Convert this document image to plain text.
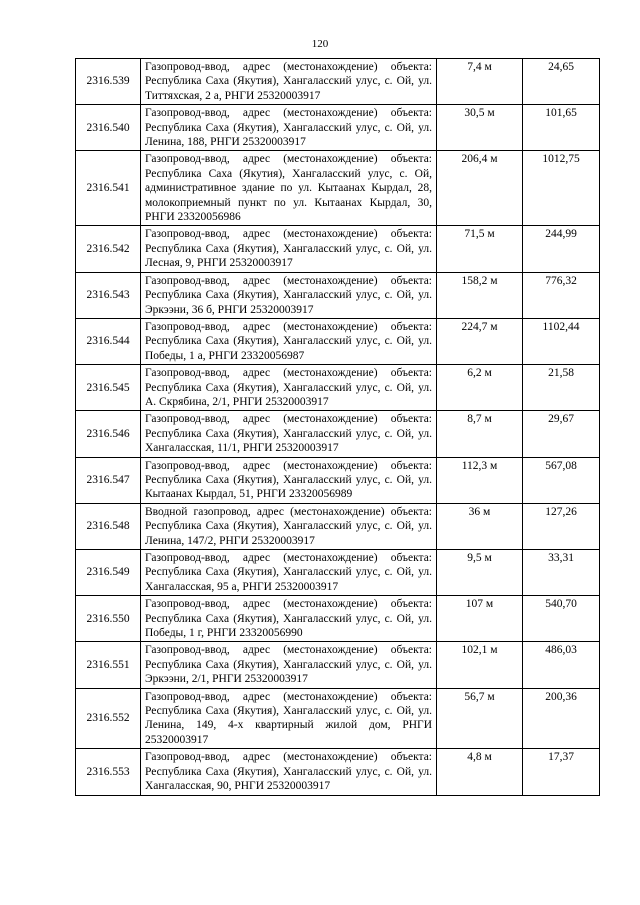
120
2316.539	Газопровод-ввод, адрес (местонахождение) объекта: Республика Саха (Якутия), Хангаласский улус, с. Ой, ул. Титтяхская, 2 а, РНГИ 25320003917	7,4 м	24,65
2316.540	Газопровод-ввод, адрес (местонахождение) объекта: Республика Саха (Якутия), Хангаласский улус, с. Ой, ул. Ленина, 188, РНГИ 25320003917	30,5 м	101,65
2316.541	Газопровод-ввод, адрес (местонахождение) объекта: Республика Саха (Якутия), Хангаласский улус, с. Ой, административное здание по ул. Кытаанах Кырдал, 28, молокоприемный пункт по ул. Кытаанах Кырдал, 30, РНГИ 23320056986	206,4 м	1012,75
2316.542	Газопровод-ввод, адрес (местонахождение) объекта: Республика Саха (Якутия), Хангаласский улус, с. Ой, ул. Лесная, 9, РНГИ 25320003917	71,5 м	244,99
2316.543	Газопровод-ввод, адрес (местонахождение) объекта: Республика Саха (Якутия), Хангаласский улус, с. Ой, ул. Эркээни, 36 б, РНГИ 25320003917	158,2 м	776,32
2316.544	Газопровод-ввод, адрес (местонахождение) объекта: Республика Саха (Якутия), Хангаласский улус, с. Ой, ул. Победы, 1 а, РНГИ 23320056987	224,7 м	1102,44
2316.545	Газопровод-ввод, адрес (местонахождение) объекта: Республика Саха (Якутия), Хангаласский улус, с. Ой, ул. А. Скрябина, 2/1, РНГИ 25320003917	6,2 м	21,58
2316.546	Газопровод-ввод, адрес (местонахождение) объекта: Республика Саха (Якутия), Хангаласский улус, с. Ой, ул. Хангаласская, 11/1, РНГИ 25320003917	8,7 м	29,67
2316.547	Газопровод-ввод, адрес (местонахождение) объекта: Республика Саха (Якутия), Хангаласский улус, с. Ой, ул. Кытаанах Кырдал, 51, РНГИ 23320056989	112,3 м	567,08
2316.548	Вводной газопровод, адрес (местонахождение) объекта: Республика Саха (Якутия), Хангаласский улус, с. Ой, ул. Ленина, 147/2, РНГИ 25320003917	36 м	127,26
2316.549	Газопровод-ввод, адрес (местонахождение) объекта: Республика Саха (Якутия), Хангаласский улус, с. Ой, ул. Хангаласская, 95 а, РНГИ 25320003917	9,5 м	33,31
2316.550	Газопровод-ввод, адрес (местонахождение) объекта: Республика Саха (Якутия), Хангаласский улус, с. Ой, ул. Победы, 1 г, РНГИ 23320056990	107 м	540,70
2316.551	Газопровод-ввод, адрес (местонахождение) объекта: Республика Саха (Якутия), Хангаласский улус, с. Ой, ул. Эркээни, 2/1, РНГИ 25320003917	102,1 м	486,03
2316.552	Газопровод-ввод, адрес (местонахождение) объекта: Республика Саха (Якутия), Хангаласский улус, с. Ой, ул. Ленина, 149, 4-х квартирный жилой дом, РНГИ 25320003917	56,7 м	200,36
2316.553	Газопровод-ввод, адрес (местонахождение) объекта: Республика Саха (Якутия), Хангаласский улус, с. Ой, ул. Хангаласская, 90, РНГИ 25320003917	4,8 м	17,37
